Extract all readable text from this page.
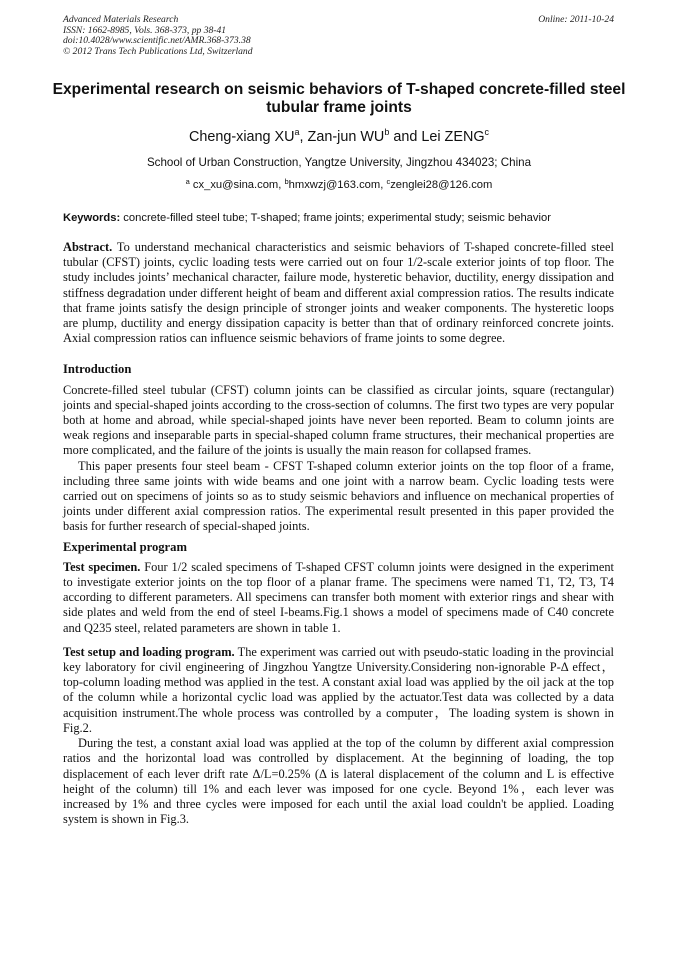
Advanced Materials Research
ISSN: 1662-8985, Vols. 368-373, pp 38-41
doi:10.4028/www.scientific.net/AMR.368-373.38
© 2012 Trans Tech Publications Ltd, Switzerland
Online: 2011-10-24
Experimental research on seismic behaviors of T-shaped concrete-filled steel tubular frame joints
Cheng-xiang $XU^a$, Zan-jun $WU^b$ and Lei ZENG$^c$
School of Urban Construction, Yangtze University, Jingzhou 434023; China
$^a$ cx_xu@sina.com, $^b$hmxwzj@163.com, $^c$zenglei28@126.com
Keywords: concrete-filled steel tube; T-shaped; frame joints; experimental study; seismic behavior

Abstract. To understand mechanical characteristics and seismic behaviors of T-shaped concrete-filled steel tubular (CFST) joints, cyclic loading tests were carried out on four 1/2-scale exterior joints of top floor. The study includes joints’ mechanical character, failure mode, hysteretic behavior, ductility, energy dissipation and stiffness degradation under different height of beam and different axial compression ratios. The results indicate that frame joints satisfy the design principle of stronger joints and weaker components. The hysteretic loops are plump, ductility and energy dissipation capacity is better than that of ordinary reinforced concrete joints. Axial compression ratios can influence seismic behaviors of frame joints to some degree.

Introduction

Concrete-filled steel tubular (CFST) column joints can be classified as circular joints, square (rectangular) joints and special-shaped joints according to the cross-section of columns. The first two types are very popular both at home and abroad, while special-shaped joints have never been reported. Beam to column joints are weak regions and inseparable parts in special-shaped column frame structures, their mechanical properties are more complicated, and the failure of the joints is usually the main reason for collapsed frames.

This paper presents four steel beam - CFST T-shaped column exterior joints on the top floor of a frame, including three same joints with wide beams and one joint with a narrow beam. Cyclic loading tests were carried out on specimens of joints so as to study seismic behaviors and influence on mechanical properties of joints under different axial compression ratios. The experimental result presented in this paper provided the basis for further research of special-shaped joints.

Experimental program

Test specimen. Four 1/2 scaled specimens of T-shaped CFST column joints were designed in the experiment to investigate exterior joints on the top floor of a planar frame. The specimens were named T1, T2, T3, T4 according to different parameters. All specimens can transfer both moment with exterior rings and shear with side plates and weld from the end of steel I-beams.Fig.1 shows a model of specimens made of C40 concrete and Q235 steel, related parameters are shown in table 1.

Test setup and loading program. The experiment was carried out with pseudo-static loading in the provincial key laboratory for civil engineering of Jingzhou Yangtze University.Considering non-ignorable P-Δ effect，top-column loading method was applied in the test. A constant axial load was applied by the oil jack at the top of the column while a horizontal cyclic load was applied by the actuator.Test data was collected by a data acquisition instrument.The whole process was controlled by a computer，The loading system is shown in Fig.2.

During the test, a constant axial load was applied at the top of the column by different axial compression ratios and the horizontal load was controlled by displacement. At the beginning of loading, the top displacement of each lever drift rate Δ/L=0.25% (Δ is lateral displacement of the column and L is effective height of the column) till 1% and each lever was imposed for one cycle. Beyond 1%，each lever was increased by 1% and three cycles were imposed for each until the axial load couldn't be applied. Loading system is shown in Fig.3.
